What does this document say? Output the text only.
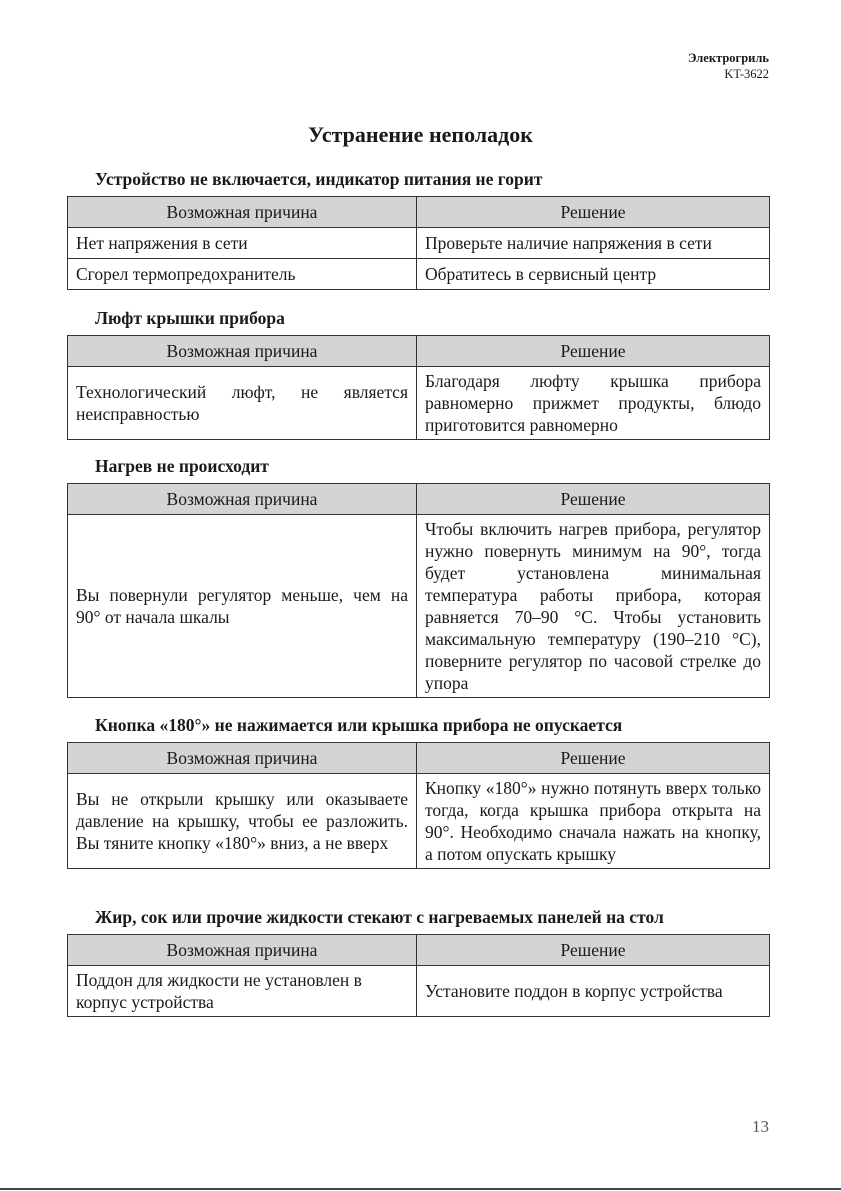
Электрогриль
KT-3622
Устранение неполадок
Устройство не включается, индикатор питания не горит
Возможная причина	Решение
Нет напряжения в сети	Проверьте наличие напряжения в сети
Сгорел термопредохранитель	Обратитесь в сервисный центр
Люфт крышки прибора
Возможная причина	Решение
Технологический люфт, не является неисправностью	Благодаря люфту крышка прибора равномерно прижмет продукты, блюдо приготовится равномерно
Нагрев не происходит
Возможная причина	Решение
Вы повернули регулятор меньше, чем на 90° от начала шкалы	Чтобы включить нагрев прибора, регулятор нужно повернуть минимум на 90°, тогда будет установлена минимальная температура работы прибора, которая равняется 70–90 °С. Чтобы установить максимальную температуру (190–210 °С), поверните регулятор по часовой стрелке до упора
Кнопка «180°» не нажимается или крышка прибора не опускается
Возможная причина	Решение
Вы не открыли крышку или оказываете давление на крышку, чтобы ее разложить. Вы тяните кнопку «180°» вниз, а не вверх	Кнопку «180°» нужно потянуть вверх только тогда, когда крышка прибора открыта на 90°. Необходимо сначала нажать на кнопку, а потом опускать крышку
Жир, сок или прочие жидкости стекают с нагреваемых панелей на стол
Возможная причина	Решение
Поддон для жидкости не установлен в корпус устройства	Установите поддон в корпус устройства
13
